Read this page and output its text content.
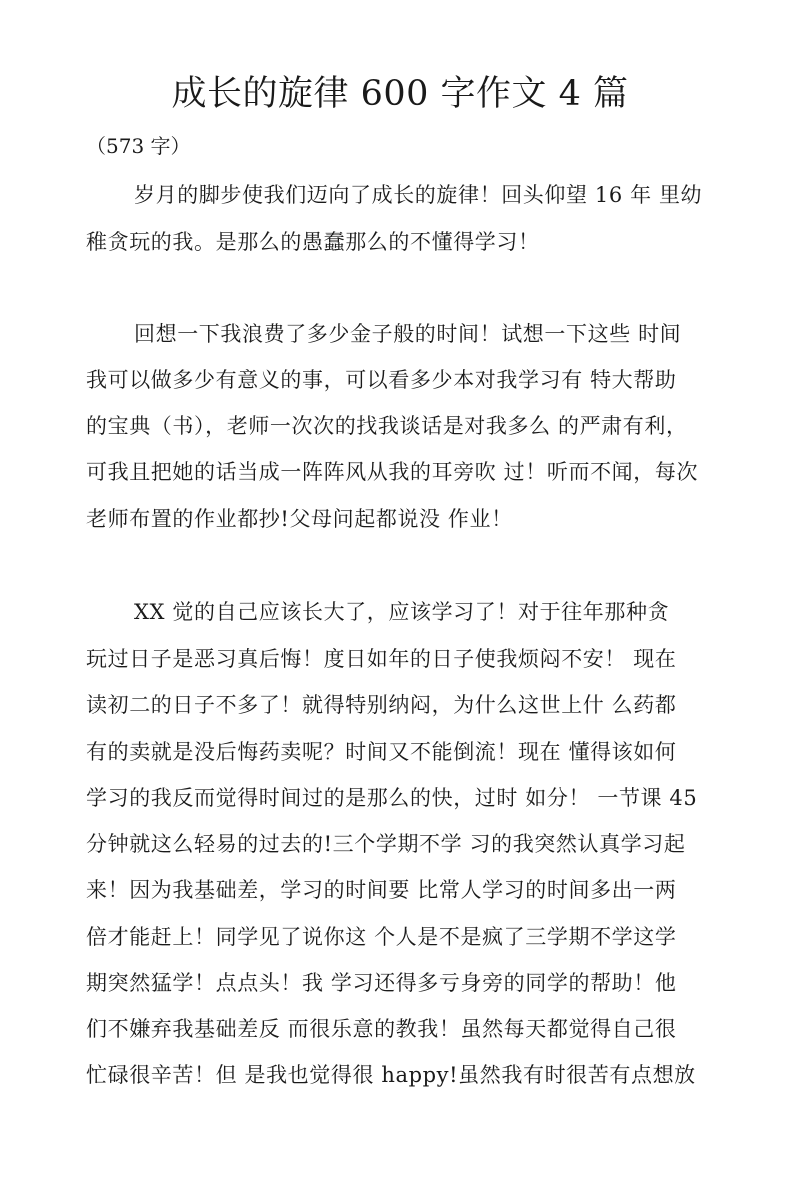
成长的旋律 600 字作文 4 篇
（573 字）
岁月的脚步使我们迈向了成长的旋律！回头仰望 16 年 里幼
稚贪玩的我。是那么的愚蠢那么的不懂得学习！
回想一下我浪费了多少金子般的时间！试想一下这些 时间
我可以做多少有意义的事，可以看多少本对我学习有 特大帮助
的宝典（书），老师一次次的找我谈话是对我多么 的严肃有利，
可我且把她的话当成一阵阵风从我的耳旁吹 过！听而不闻，每次
老师布置的作业都抄!父母问起都说没 作业！
XX 觉的自己应该长大了，应该学习了！对于往年那种贪
玩过日子是恶习真后悔！度日如年的日子使我烦闷不安！ 现在
读初二的日子不多了！就得特别纳闷，为什么这世上什 么药都
有的卖就是没后悔药卖呢？时间又不能倒流！现在 懂得该如何
学习的我反而觉得时间过的是那么的快，过时 如分！ 一节课 45
分钟就这么轻易的过去的!三个学期不学 习的我突然认真学习起
来！因为我基础差，学习的时间要 比常人学习的时间多出一两
倍才能赶上！同学见了说你这 个人是不是疯了三学期不学这学
期突然猛学！点点头！我 学习还得多亏身旁的同学的帮助！他
们不嫌弃我基础差反 而很乐意的教我！虽然每天都觉得自己很
忙碌很辛苦！但 是我也觉得很 happy!虽然我有时很苦有点想放
